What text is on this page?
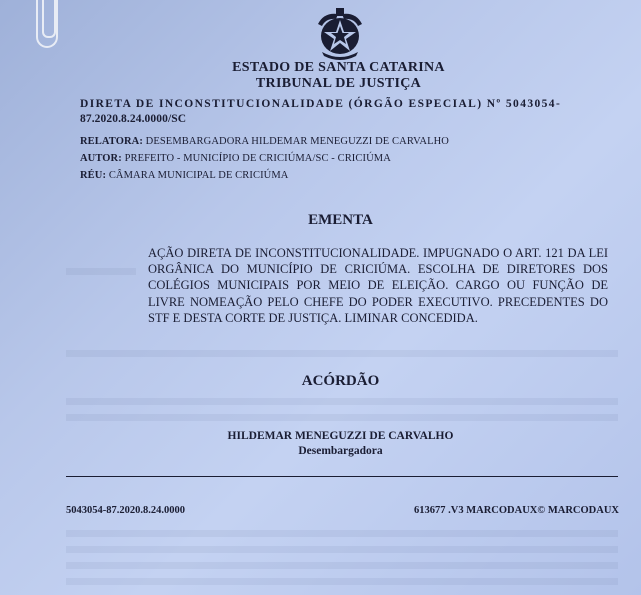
ESTADO DE SANTA CATARINA
TRIBUNAL DE JUSTIÇA
DIRETA DE INCONSTITUCIONALIDADE (ÓRGÃO ESPECIAL) Nº 5043054-
87.2020.8.24.0000/SC
RELATORA: DESEMBARGADORA HILDEMAR MENEGUZZI DE CARVALHO
AUTOR: PREFEITO - MUNICÍPIO DE CRICIÚMA/SC - CRICIÚMA
RÉU: CÂMARA MUNICIPAL DE CRICIÚMA
EMENTA
AÇÃO DIRETA DE INCONSTITUCIONALIDADE. IMPUGNADO O ART. 121 DA LEI ORGÂNICA DO MUNICÍPIO DE CRICIÚMA. ESCOLHA DE DIRETORES DOS COLÉGIOS MUNICIPAIS POR MEIO DE ELEIÇÃO. CARGO OU FUNÇÃO DE LIVRE NOMEAÇÃO PELO CHEFE DO PODER EXECUTIVO. PRECEDENTES DO STF E DESTA CORTE DE JUSTIÇA. LIMINAR CONCEDIDA.
ACÓRDÃO
HILDEMAR MENEGUZZI DE CARVALHO
Desembargadora
5043054-87.2020.8.24.0000	613677 .V3 MARCODAUX© MARCODAUX
